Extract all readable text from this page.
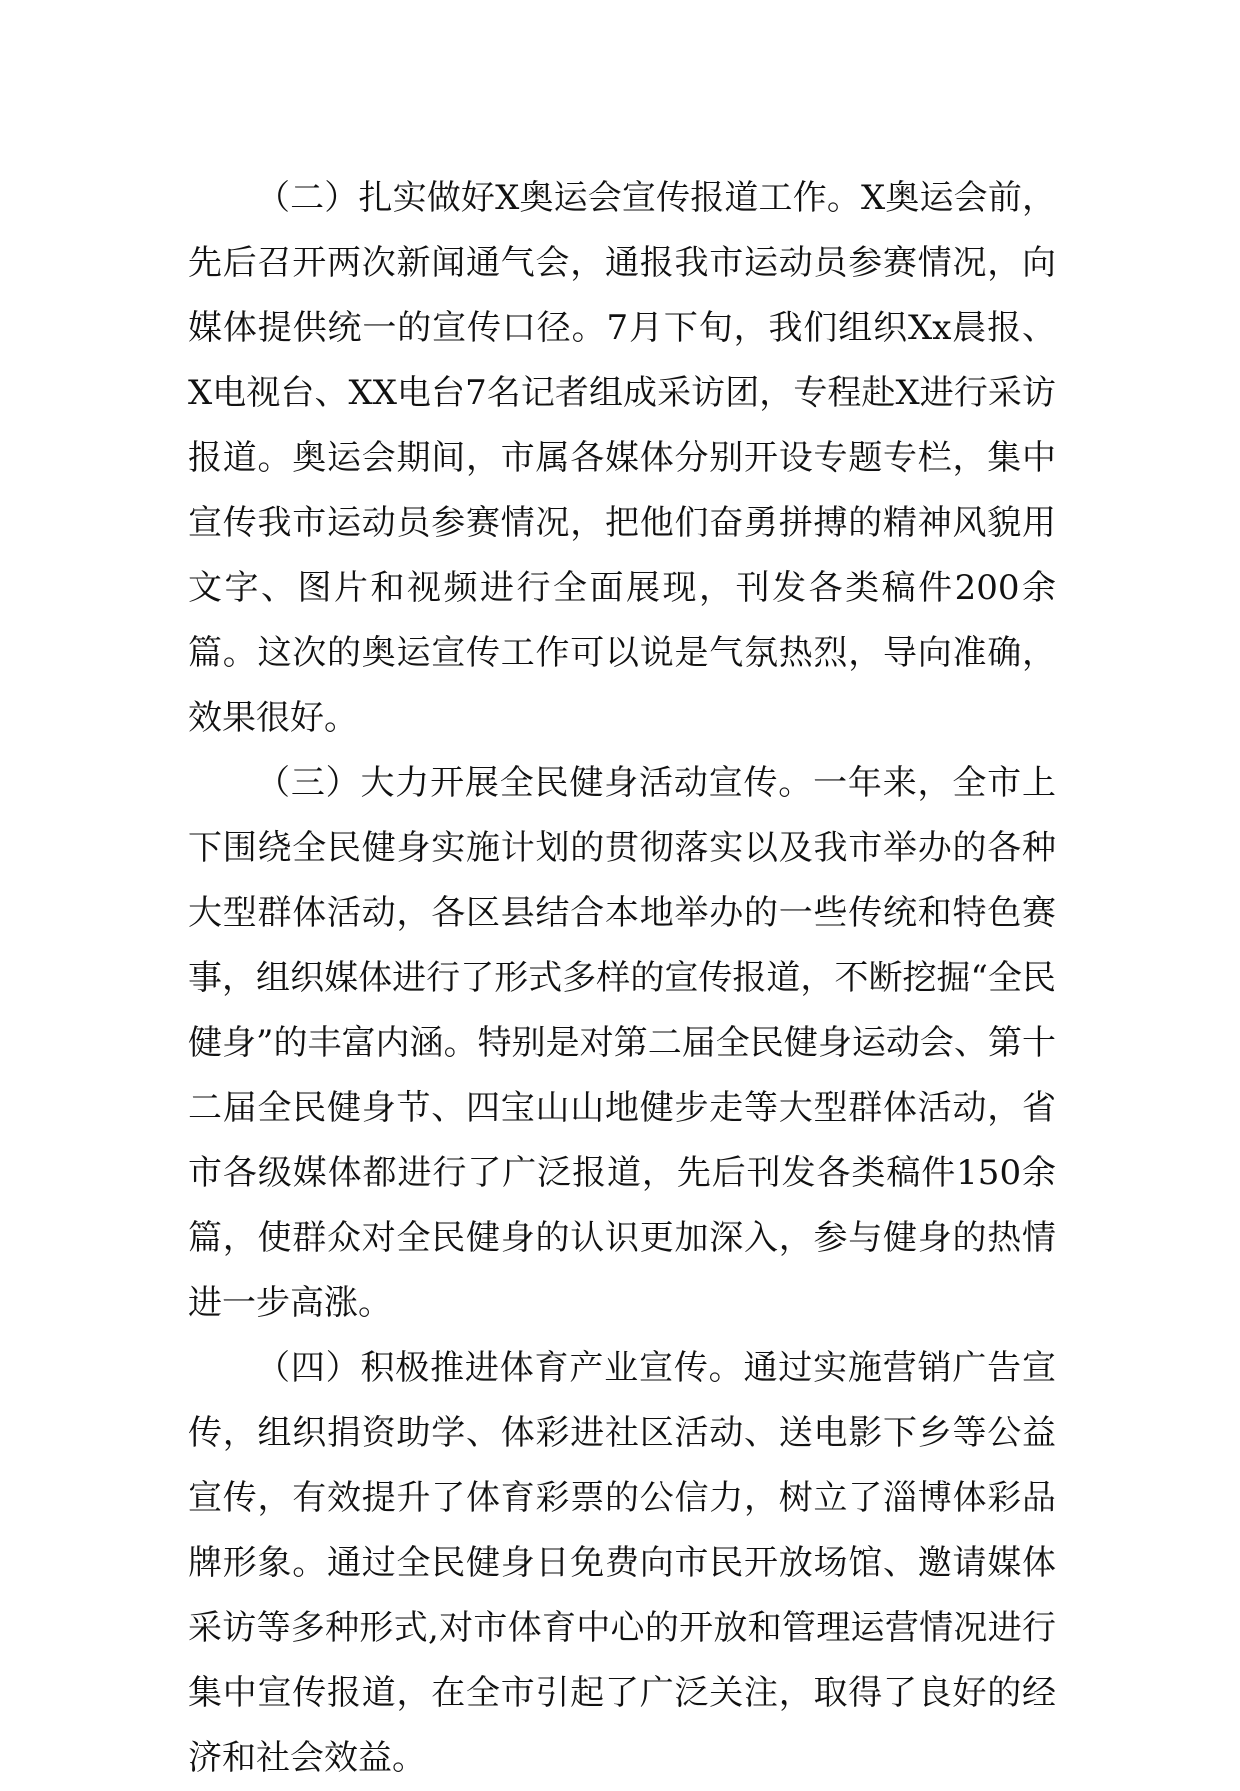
（二）扎实做好X奥运会宣传报道工作。X奥运会前，先后召开两次新闻通气会，通报我市运动员参赛情况，向媒体提供统一的宣传口径。7月下旬，我们组织Xx晨报、X电视台、XX电台7名记者组成采访团，专程赴X进行采访报道。奥运会期间，市属各媒体分别开设专题专栏，集中宣传我市运动员参赛情况，把他们奋勇拼搏的精神风貌用文字、图片和视频进行全面展现，刊发各类稿件200余篇。这次的奥运宣传工作可以说是气氛热烈，导向准确，效果很好。

（三）大力开展全民健身活动宣传。一年来，全市上下围绕全民健身实施计划的贯彻落实以及我市举办的各种大型群体活动，各区县结合本地举办的一些传统和特色赛事，组织媒体进行了形式多样的宣传报道，不断挖掘“全民健身”的丰富内涵。特别是对第二届全民健身运动会、第十二届全民健身节、四宝山山地健步走等大型群体活动，省市各级媒体都进行了广泛报道，先后刊发各类稿件150余篇，使群众对全民健身的认识更加深入，参与健身的热情进一步高涨。

（四）积极推进体育产业宣传。通过实施营销广告宣传，组织捐资助学、体彩进社区活动、送电影下乡等公益宣传，有效提升了体育彩票的公信力，树立了淄博体彩品牌形象。通过全民健身日免费向市民开放场馆、邀请媒体采访等多种形式,对市体育中心的开放和管理运营情况进行集中宣传报道，在全市引起了广泛关注，取得了良好的经济和社会效益。
